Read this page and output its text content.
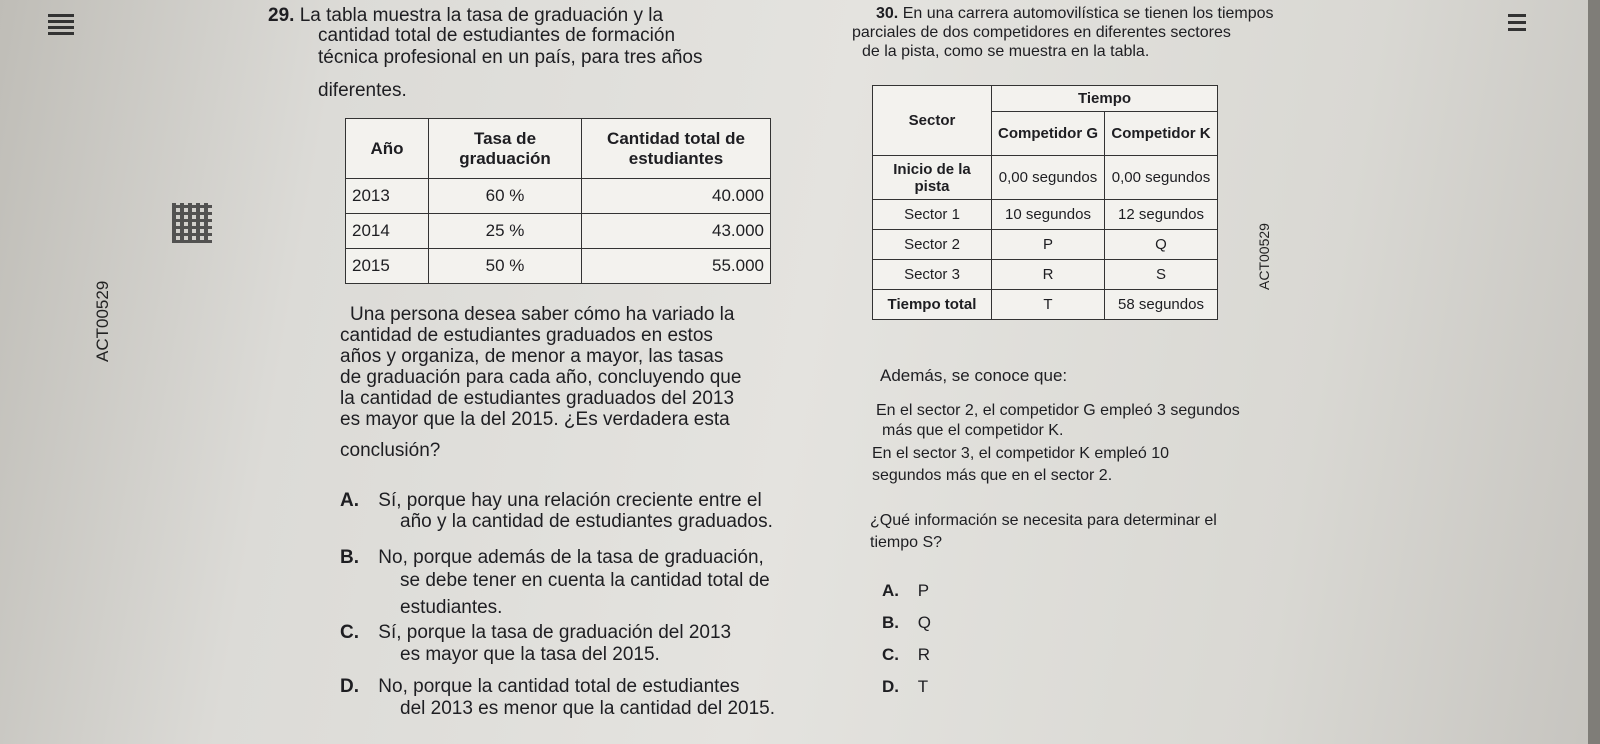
ACT00529
ACT00529
29. La tabla muestra la tasa de graduación y la
cantidad total de estudiantes de formación
técnica profesional en un país, para tres años
diferentes.
Año	Tasa de graduación	Cantidad total de estudiantes
2013	60 %	40.000
2014	25 %	43.000
2015	50 %	55.000
Una persona desea saber cómo ha variado la
cantidad de estudiantes graduados en estos
años y organiza, de menor a mayor, las tasas
de graduación para cada año, concluyendo que
la cantidad de estudiantes graduados del 2013
es mayor que la del 2015. ¿Es verdadera esta
conclusión?
A. Sí, porque hay una relación creciente entre el
año y la cantidad de estudiantes graduados.
B. No, porque además de la tasa de graduación,
se debe tener en cuenta la cantidad total de
estudiantes.
C. Sí, porque la tasa de graduación del 2013
es mayor que la tasa del 2015.
D. No, porque la cantidad total de estudiantes
del 2013 es menor que la cantidad del 2015.
30. En una carrera automovilística se tienen los tiempos
parciales de dos competidores en diferentes sectores
de la pista, como se muestra en la tabla.
Sector	Tiempo	
	Competidor G	Competidor K
Inicio de la pista	0,00 segundos	0,00 segundos
Sector 1	10 segundos	12 segundos
Sector 2	P	Q
Sector 3	R	S
Tiempo total	T	58 segundos
Además, se conoce que:
En el sector 2, el competidor G empleó 3 segundos
más que el competidor K.
En el sector 3, el competidor K empleó 10
segundos más que en el sector 2.
¿Qué información se necesita para determinar el
tiempo S?
A. P
B. Q
C. R
D. T
